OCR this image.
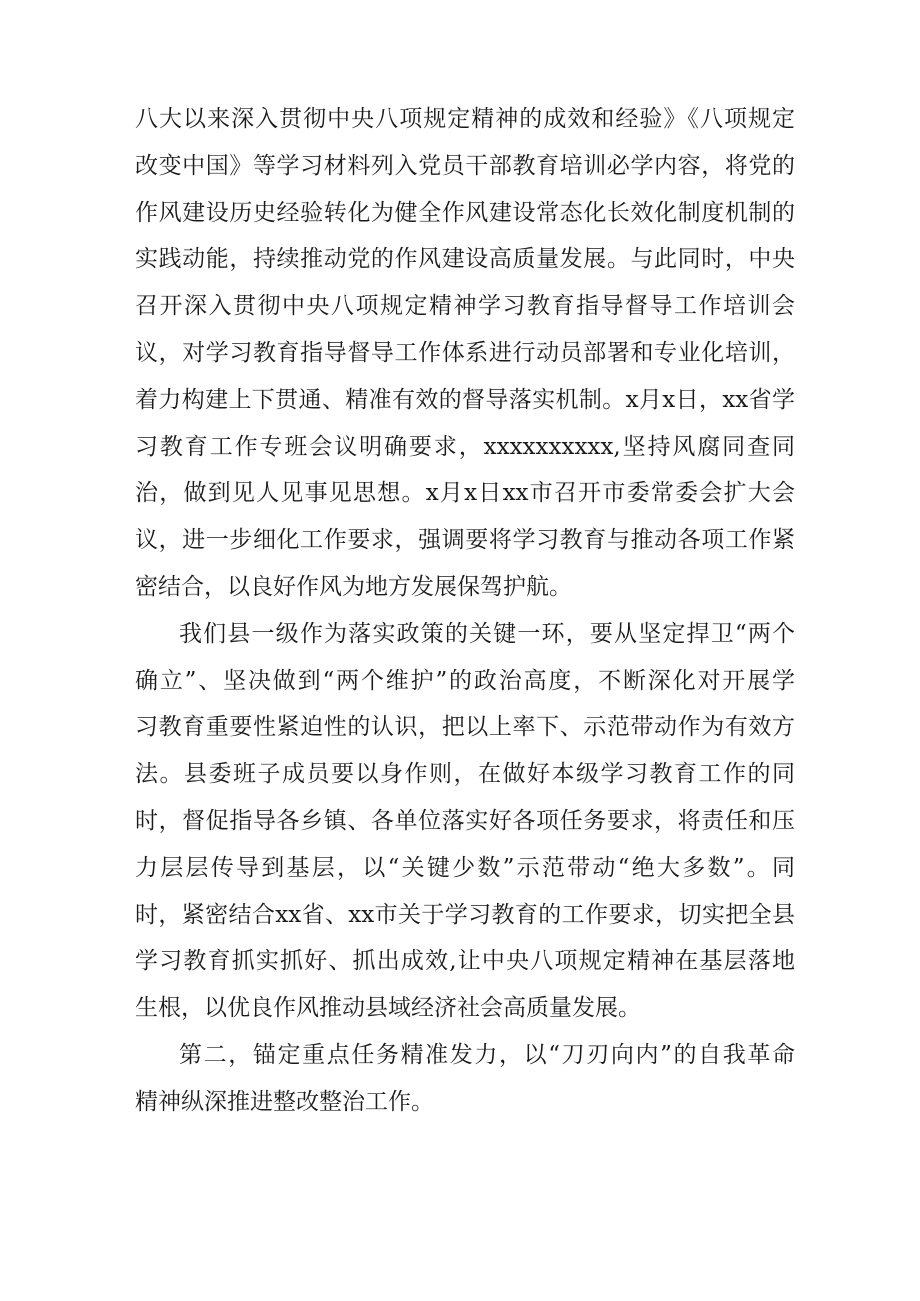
八大以来深入贯彻中央八项规定精神的成效和经验》《八项规定
改变中国》等学习材料列入党员干部教育培训必学内容，将党的
作风建设历史经验转化为健全作风建设常态化长效化制度机制的
实践动能，持续推动党的作风建设高质量发展。与此同时，中央
召开深入贯彻中央八项规定精神学习教育指导督导工作培训会
议，对学习教育指导督导工作体系进行动员部署和专业化培训，
着力构建上下贯通、精准有效的督导落实机制。x月x日，xx省学
习教育工作专班会议明确要求，xxxxxxxxxx,坚持风腐同查同
治，做到见人见事见思想。x月x日xx市召开市委常委会扩大会
议，进一步细化工作要求，强调要将学习教育与推动各项工作紧
密结合，以良好作风为地方发展保驾护航。
我们县一级作为落实政策的关键一环，要从坚定捍卫“两个
确立”、坚决做到“两个维护”的政治高度，不断深化对开展学
习教育重要性紧迫性的认识，把以上率下、示范带动作为有效方
法。县委班子成员要以身作则，在做好本级学习教育工作的同
时，督促指导各乡镇、各单位落实好各项任务要求，将责任和压
力层层传导到基层，以“关键少数”示范带动“绝大多数”。同
时，紧密结合xx省、xx市关于学习教育的工作要求，切实把全县
学习教育抓实抓好、抓出成效,让中央八项规定精神在基层落地
生根，以优良作风推动县域经济社会高质量发展。
第二，锚定重点任务精准发力，以“刀刃向内”的自我革命
精神纵深推进整改整治工作。
